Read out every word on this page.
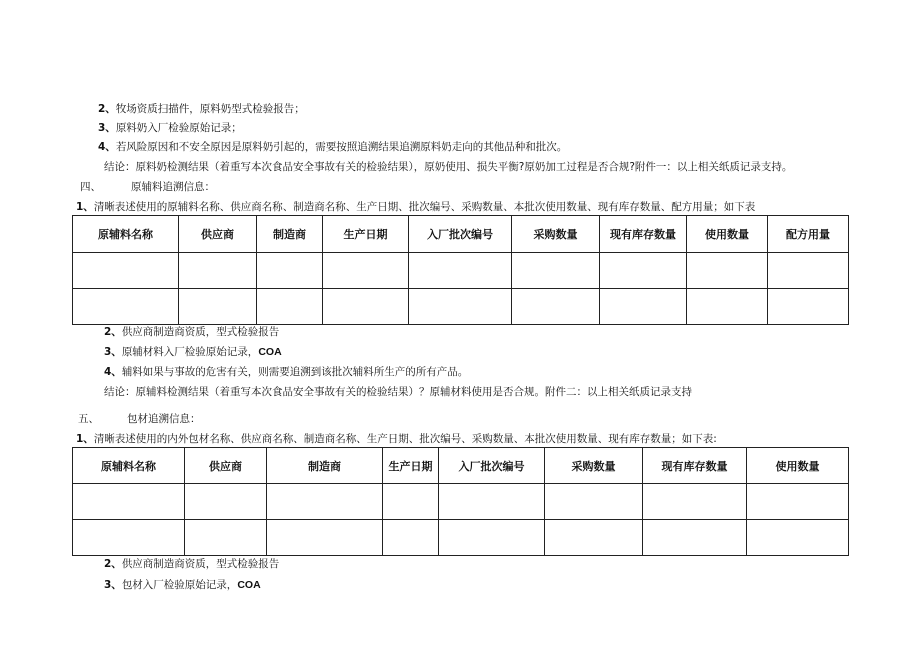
2、牧场资质扫描件，原料奶型式检验报告；
3、原料奶入厂检验原始记录；
4、若风险原因和不安全原因是原料奶引起的，需要按照追溯结果追溯原料奶走向的其他品种和批次。
结论：原料奶检测结果（着重写本次食品安全事故有关的检验结果），原奶使用、损失平衡?原奶加工过程是否合规?附件一：以上相关纸质记录支持。
四、	原辅料追溯信息：
1、清晰表述使用的原辅料名称、供应商名称、制造商名称、生产日期、批次编号、采购数量、本批次使用数量、现有库存数量、配方用量；如下表
原辅料名称	供应商	制造商	生产日期	入厂批次编号	采购数量	现有库存数量	使用数量	配方用量

2、供应商制造商资质，型式检验报告
3、原辅材料入厂检验原始记录，COA
4、辅料如果与事故的危害有关，则需要追溯到该批次辅料所生产的所有产品。
结论：原辅料检测结果（着重写本次食品安全事故有关的检验结果）？原辅材料使用是否合规。附件二：以上相关纸质记录支持
五、	包材追溯信息：
1、清晰表述使用的内外包材名称、供应商名称、制造商名称、生产日期、批次编号、采购数量、本批次使用数量、现有库存数量；如下表:
原辅料名称	供应商	制造商	生产日期	入厂批次编号	采购数量	现有库存数量	使用数量

2、供应商制造商资质，型式检验报告
3、包材入厂检验原始记录，COA
